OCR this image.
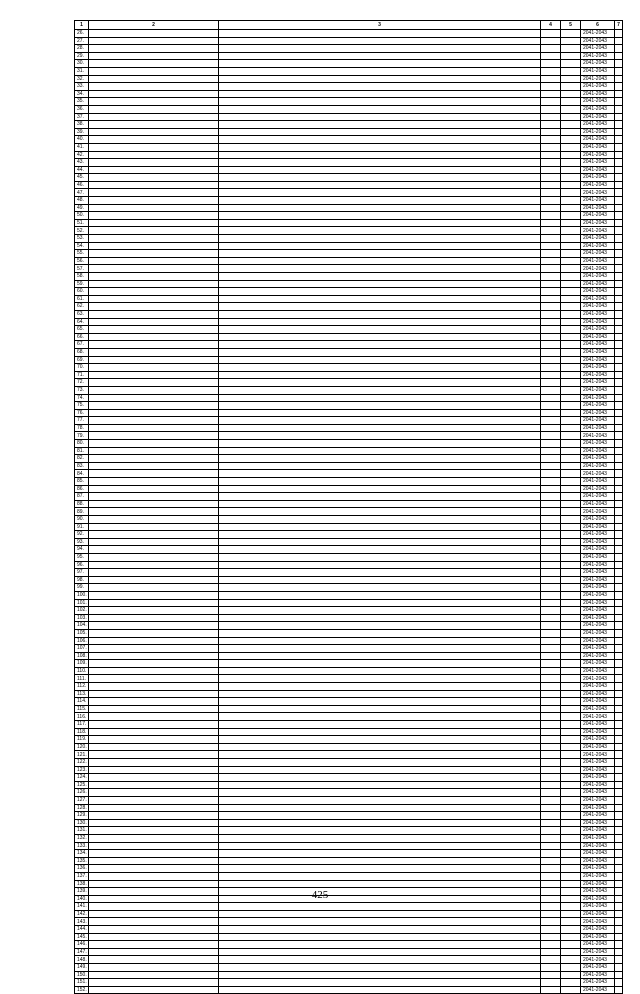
1	2	3	4	5	6	7
26.					2041-2043	
27.					2041-2043	
28.					2041-2043	
29.					2041-2043	
30.					2041-2043	
31.					2041-2043	
32.					2041-2043	
33.					2041-2043	
34.					2041-2043	
35.					2041-2043	
36.					2041-2043	
37.					2041-2043	
38.					2041-2043	
39.					2041-2043	
40.					2041-2043	
41.					2041-2043	
42.					2041-2043	
43.					2041-2043	
44.					2041-2043	
45.					2041-2043	
46.					2041-2043	
47.					2041-2043	
48.					2041-2043	
49.					2041-2043	
50.					2041-2043	
51.					2041-2043	
52.					2041-2043	
53.					2041-2043	
54.					2041-2043	
55.					2041-2043	
56.					2041-2043	
57.					2041-2043	
58.					2041-2043	
59.					2041-2043	
60.					2041-2043	
61.					2041-2043	
62.					2041-2043	
63.					2041-2043	
64.					2041-2043	
65.					2041-2043	
66.					2041-2043	
67.					2041-2043	
68.					2041-2043	
69.					2041-2043	
70.					2041-2043	
71.					2041-2043	
72.					2041-2043	
73.					2041-2043	
74.					2041-2043	
75.					2041-2043	
76.					2041-2043	
77.					2041-2043	
78.					2041-2043	
79.					2041-2043	
80.					2041-2043	
81.					2041-2043	
82.					2041-2043	
83.					2041-2043	
84.					2041-2043	
85.					2041-2043	
86.					2041-2043	
87.					2041-2043	
88.					2041-2043	
89.					2041-2043	
90.					2041-2043	
91.					2041-2043	
92.					2041-2043	
93.					2041-2043	
94.					2041-2043	
95.					2041-2043	
96.					2041-2043	
97.					2041-2043	
98.					2041-2043	
99.					2041-2043	
100.					2041-2043	
101.					2041-2043	
102.					2041-2043	
103.					2041-2043	
104.					2041-2043	
105.					2041-2043	
106.					2041-2043	
107.					2041-2043	
108.					2041-2043	
109.					2041-2043	
110.					2041-2043	
111.					2041-2043	
112.					2041-2043	
113.					2041-2043	
114.					2041-2043	
115.					2041-2043	
116.					2041-2043	
117.					2041-2043	
118.					2041-2043	
119.					2041-2043	
120.					2041-2043	
121.					2041-2043	
122.					2041-2043	
123.					2041-2043	
124.					2041-2043	
125.					2041-2043	
126.					2041-2043	
127.					2041-2043	
128.					2041-2043	
129.					2041-2043	
130.					2041-2043	
131.					2041-2043	
132.					2041-2043	
133.					2041-2043	
134.					2041-2043	
135.					2041-2043	
136.					2041-2043	
137.					2041-2043	
138.					2041-2043	
139.					2041-2043	
140.					2041-2043	
141.					2041-2043	
142.					2041-2043	
143.					2041-2043	
144.					2041-2043	
145.					2041-2043	
146.					2041-2043	
147.					2041-2043	
148.					2041-2043	
149.					2041-2043	
150.					2041-2043	
151.					2041-2043	
152.					2041-2043	
425
